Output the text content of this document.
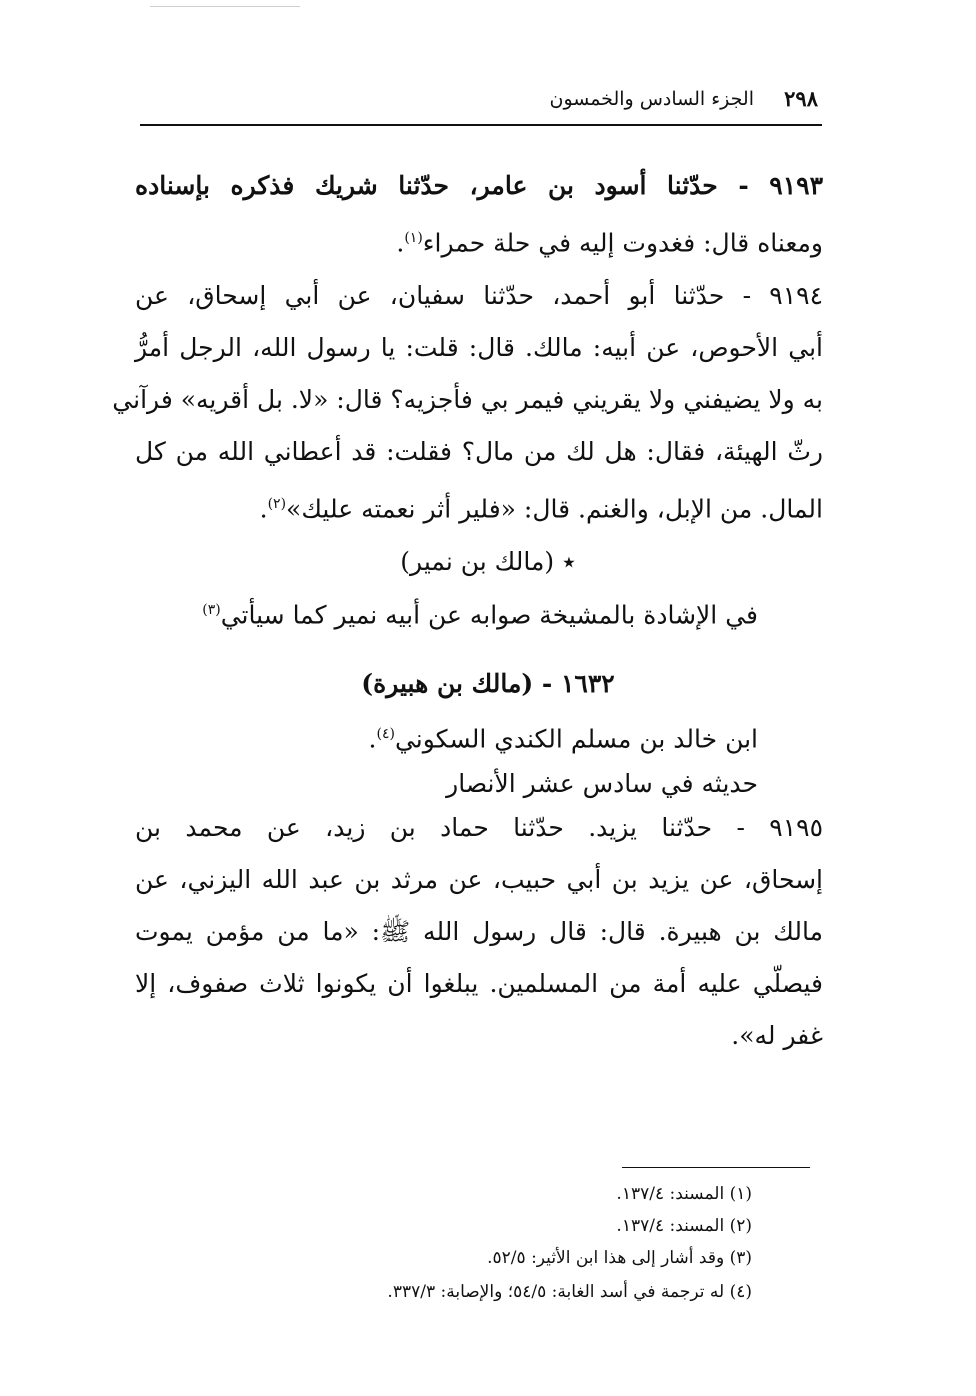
٢٩٨
الجزء السادس والخمسون
٩١٩٣ - حدّثنا أسود بن عامر، حدّثنا شريك فذكره بإسناده
ومعناه قال: فغدوت إليه في حلة حمراء$^{(١)}$.
٩١٩٤ - حدّثنا أبو أحمد، حدّثنا سفيان، عن أبي إسحاق، عن
أبي الأحوص، عن أبيه: مالك. قال: قلت: يا رسول الله، الرجل أمرُّ
به ولا يضيفني ولا يقريني فيمر بي فأجزيه؟ قال: «لا. بل أقريه» فرآني
رثّ الهيئة، فقال: هل لك من مال؟ فقلت: قد أعطاني الله من كل
المال. من الإبل، والغنم. قال: «فلير أثر نعمته عليك»$^{(٢)}$.
٭ (مالك بن نمير)
في الإشادة بالمشيخة صوابه عن أبيه نمير كما سيأتي$^{(٣)}$
١٦٣٢ - (مالك بن هبيرة)
ابن خالد بن مسلم الكندي السكوني$^{(٤)}$.
حديثه في سادس عشر الأنصار
٩١٩٥ - حدّثنا يزيد. حدّثنا حماد بن زيد، عن محمد بن
إسحاق، عن يزيد بن أبي حبيب، عن مرثد بن عبد الله اليزني، عن
مالك بن هبيرة. قال: قال رسول الله ﷺ: «ما من مؤمن يموت
فيصلّي عليه أمة من المسلمين. يبلغوا أن يكونوا ثلاث صفوف، إلا
غفر له».
(١) المسند: ١٣٧/٤.
(٢) المسند: ١٣٧/٤.
(٣) وقد أشار إلى هذا ابن الأثير: ٥٢/٥.
(٤) له ترجمة في أسد الغابة: ٥٤/٥؛ والإصابة: ٣٣٧/٣.
